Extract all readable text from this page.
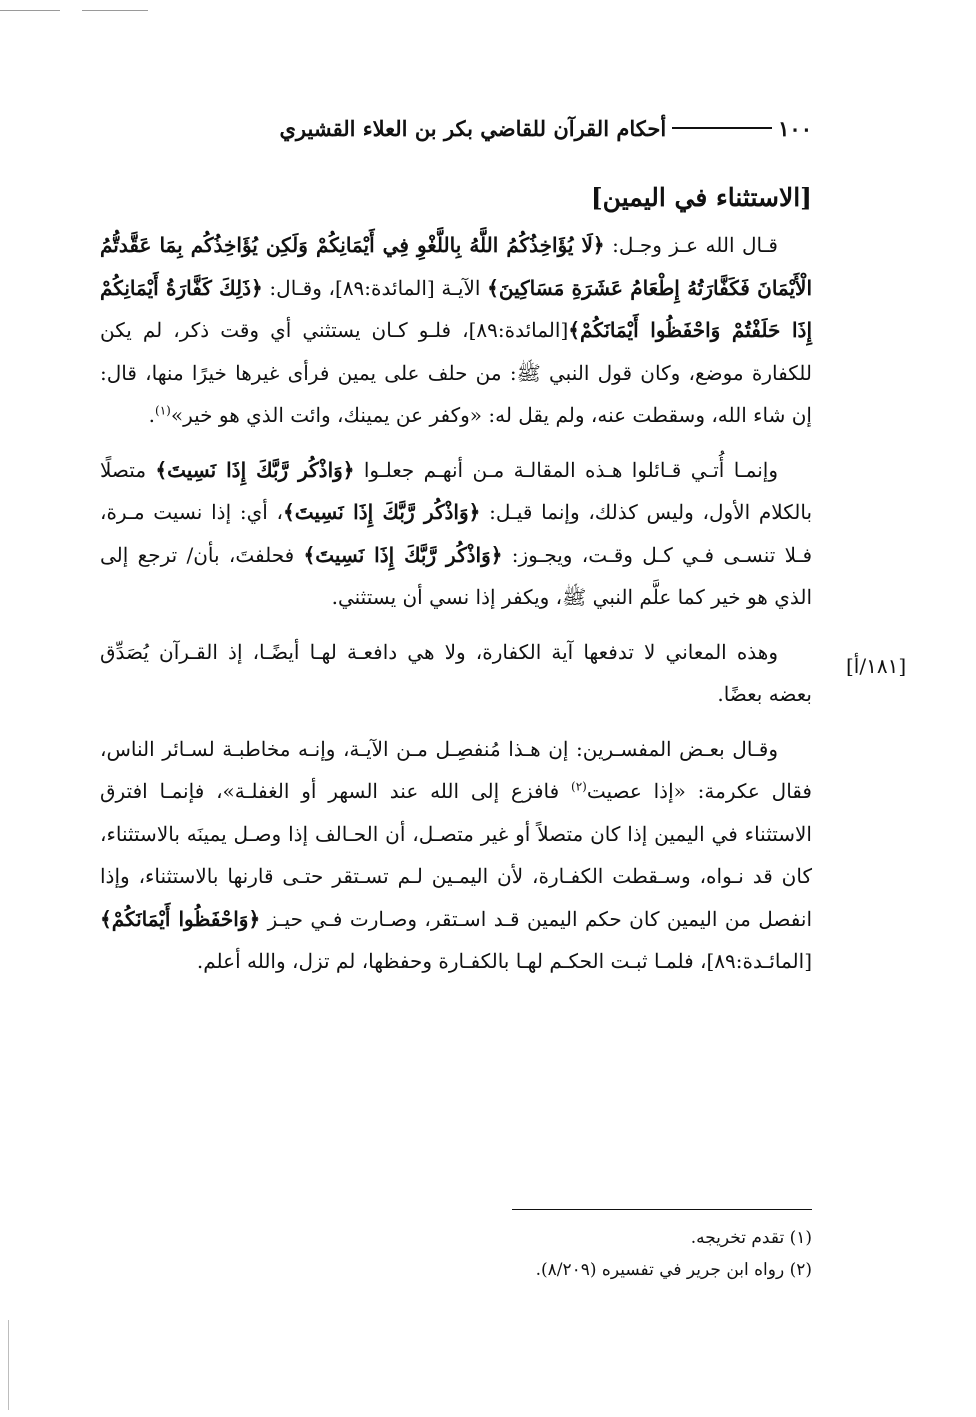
١٠٠
أحكام القرآن للقاضي بكر بن العلاء القشيري
[الاستثناء في اليمين]

قـال الله عـز وجـل: ﴿لَا يُؤَاخِذُكُمُ اللَّهُ بِاللَّغْوِ فِي أَيْمَانِكُمْ وَلَكِن يُؤَاخِذُكُم بِمَا عَقَّدتُّمُ الْأَيْمَانَ فَكَفَّارَتُهُ إِطْعَامُ عَشَرَةِ مَسَاكِينَ﴾ الآيـة [المائدة:٨٩]، وقـال: ﴿ذَلِكَ كَفَّارَةُ أَيْمَانِكُمْ إِذَا حَلَفْتُمْ وَاحْفَظُوا أَيْمَانَكُمْ﴾[المائدة:٨٩]، فلـو كـان يستثني أي وقت ذكر، لم يكن للكفارة موضع، وكان قول النبي ﷺ: من حلف على يمين فرأى غيرها خيرًا منها، قال: إن شاء الله، وسقطت عنه، ولم يقل له: «وكفر عن يمينك، وائت الذي هو خير»$^{(١)}$.

وإنمـا أُتـي قـائلوا هـذه المقالـة مـن أنهـم جعلـوا ﴿وَاذْكُر رَّبَّكَ إِذَا نَسِيتَ﴾ متصلًا بالكلام الأول، وليس كذلك، وإنما قيـل: ﴿وَاذْكُر رَّبَّكَ إِذَا نَسِيتَ﴾، أي: إذا نسيت مـرة، فـلا تنسـى فـي كـل وقـت، ويجـوز: ﴿وَاذْكُر رَّبَّكَ إِذَا نَسِيتَ﴾ فحلفتَ، بأن/ ترجع إلى الذي هو خير كما علَّم النبي ﷺ، ويكفر إذا نسي أن يستثني.

وهذه المعاني لا تدفعها آية الكفارة، ولا هي دافعـة لهـا أيضًـا، إذ القـرآن يُصَدِّق بعضه بعضًا.

وقـال بعـض المفسـرين: إن هـذا مُنفصِـل مـن الآيـة، وإنـه مخاطبـة لسـائر الناس، فقال عكرمة: «إذا عصيت$^{(٢)}$ فافزع إلى الله عند السهر أو الغفلـة»، فإنمـا افترق الاستثناء في اليمين إذا كان متصلاً أو غير متصـل، أن الحـالف إذا وصـل يمينَه بالاستثناء، كان قد نـواه، وسـقطت الكفـارة، لأن اليمـين لـم تسـتقر حتـى قارنها بالاستثناء، وإذا انفصل من اليمين كان حكم اليمين قـد اسـتقر، وصـارت فـي حيـز ﴿وَاحْفَظُوا أَيْمَانَكُمْ﴾ [المائـدة:٨٩]، فلمـا ثبـت الحكـم لهـا بالكفـارة وحفظها، لم تزل، والله أعلم.

[١٨١/أ]
(١) تقدم تخريجه.
(٢) رواه ابن جرير في تفسيره (٨/٢٠٩).
